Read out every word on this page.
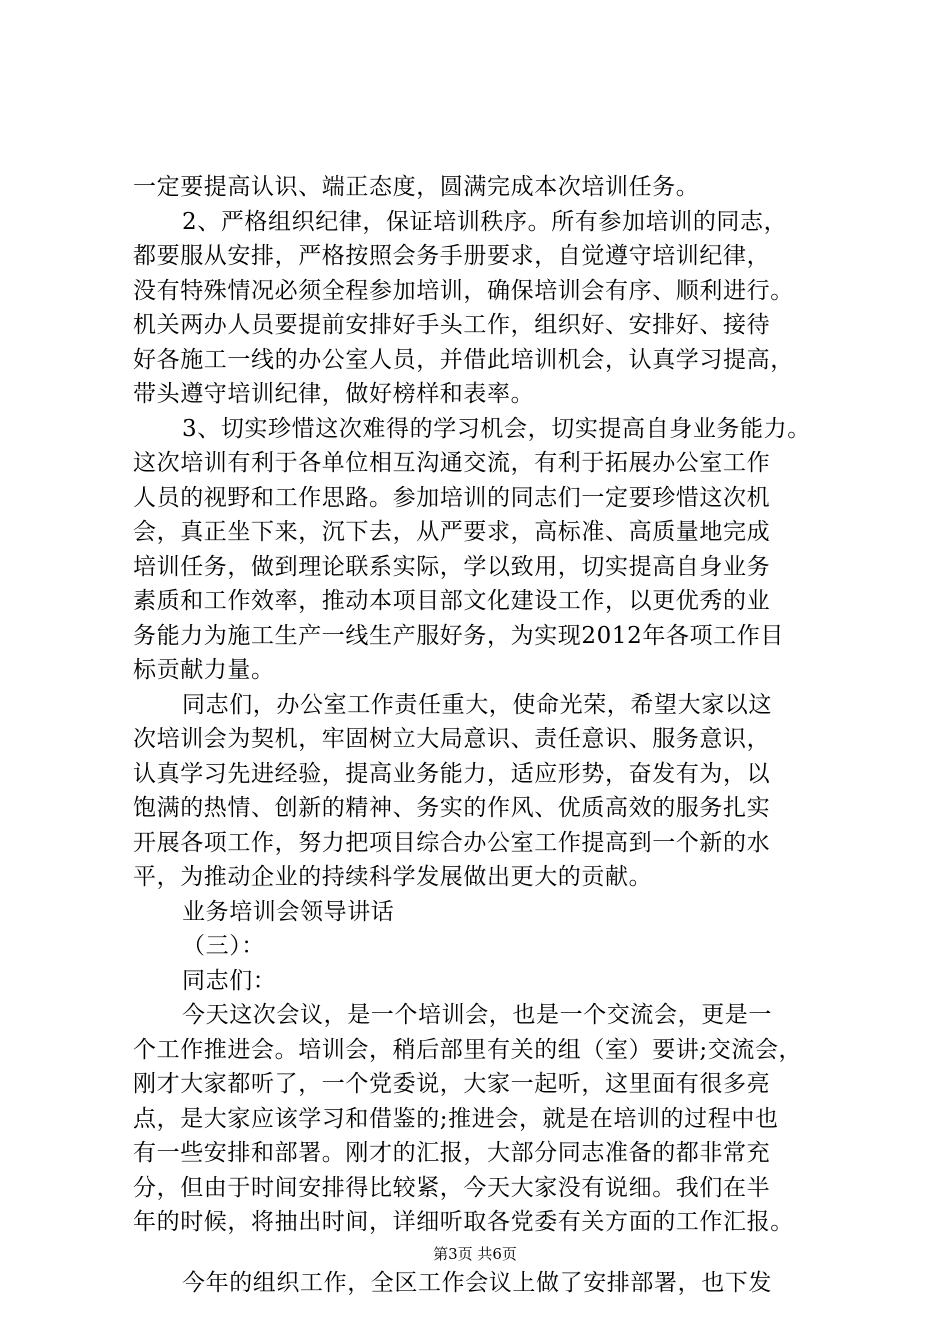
一定要提高认识、端正态度，圆满完成本次培训任务。
2、严格组织纪律，保证培训秩序。所有参加培训的同志，
都要服从安排，严格按照会务手册要求，自觉遵守培训纪律，
没有特殊情况必须全程参加培训，确保培训会有序、顺利进行。
机关两办人员要提前安排好手头工作，组织好、安排好、接待
好各施工一线的办公室人员，并借此培训机会，认真学习提高，
带头遵守培训纪律，做好榜样和表率。
3、切实珍惜这次难得的学习机会，切实提高自身业务能力。
这次培训有利于各单位相互沟通交流，有利于拓展办公室工作
人员的视野和工作思路。参加培训的同志们一定要珍惜这次机
会，真正坐下来，沉下去，从严要求，高标准、高质量地完成
培训任务，做到理论联系实际，学以致用，切实提高自身业务
素质和工作效率，推动本项目部文化建设工作，以更优秀的业
务能力为施工生产一线生产服好务，为实现2012年各项工作目
标贡献力量。
同志们，办公室工作责任重大，使命光荣，希望大家以这
次培训会为契机，牢固树立大局意识、责任意识、服务意识，
认真学习先进经验，提高业务能力，适应形势，奋发有为，以
饱满的热情、创新的精神、务实的作风、优质高效的服务扎实
开展各项工作，努力把项目综合办公室工作提高到一个新的水
平，为推动企业的持续科学发展做出更大的贡献。
业务培训会领导讲话
（三）：
同志们：
今天这次会议，是一个培训会，也是一个交流会，更是一
个工作推进会。培训会，稍后部里有关的组（室）要讲;交流会，
刚才大家都听了，一个党委说，大家一起听，这里面有很多亮
点，是大家应该学习和借鉴的;推进会，就是在培训的过程中也
有一些安排和部署。刚才的汇报，大部分同志准备的都非常充
分，但由于时间安排得比较紧，今天大家没有说细。我们在半
年的时候，将抽出时间，详细听取各党委有关方面的工作汇报。
今年的组织工作，全区工作会议上做了安排部署，也下发
第3页 共6页
